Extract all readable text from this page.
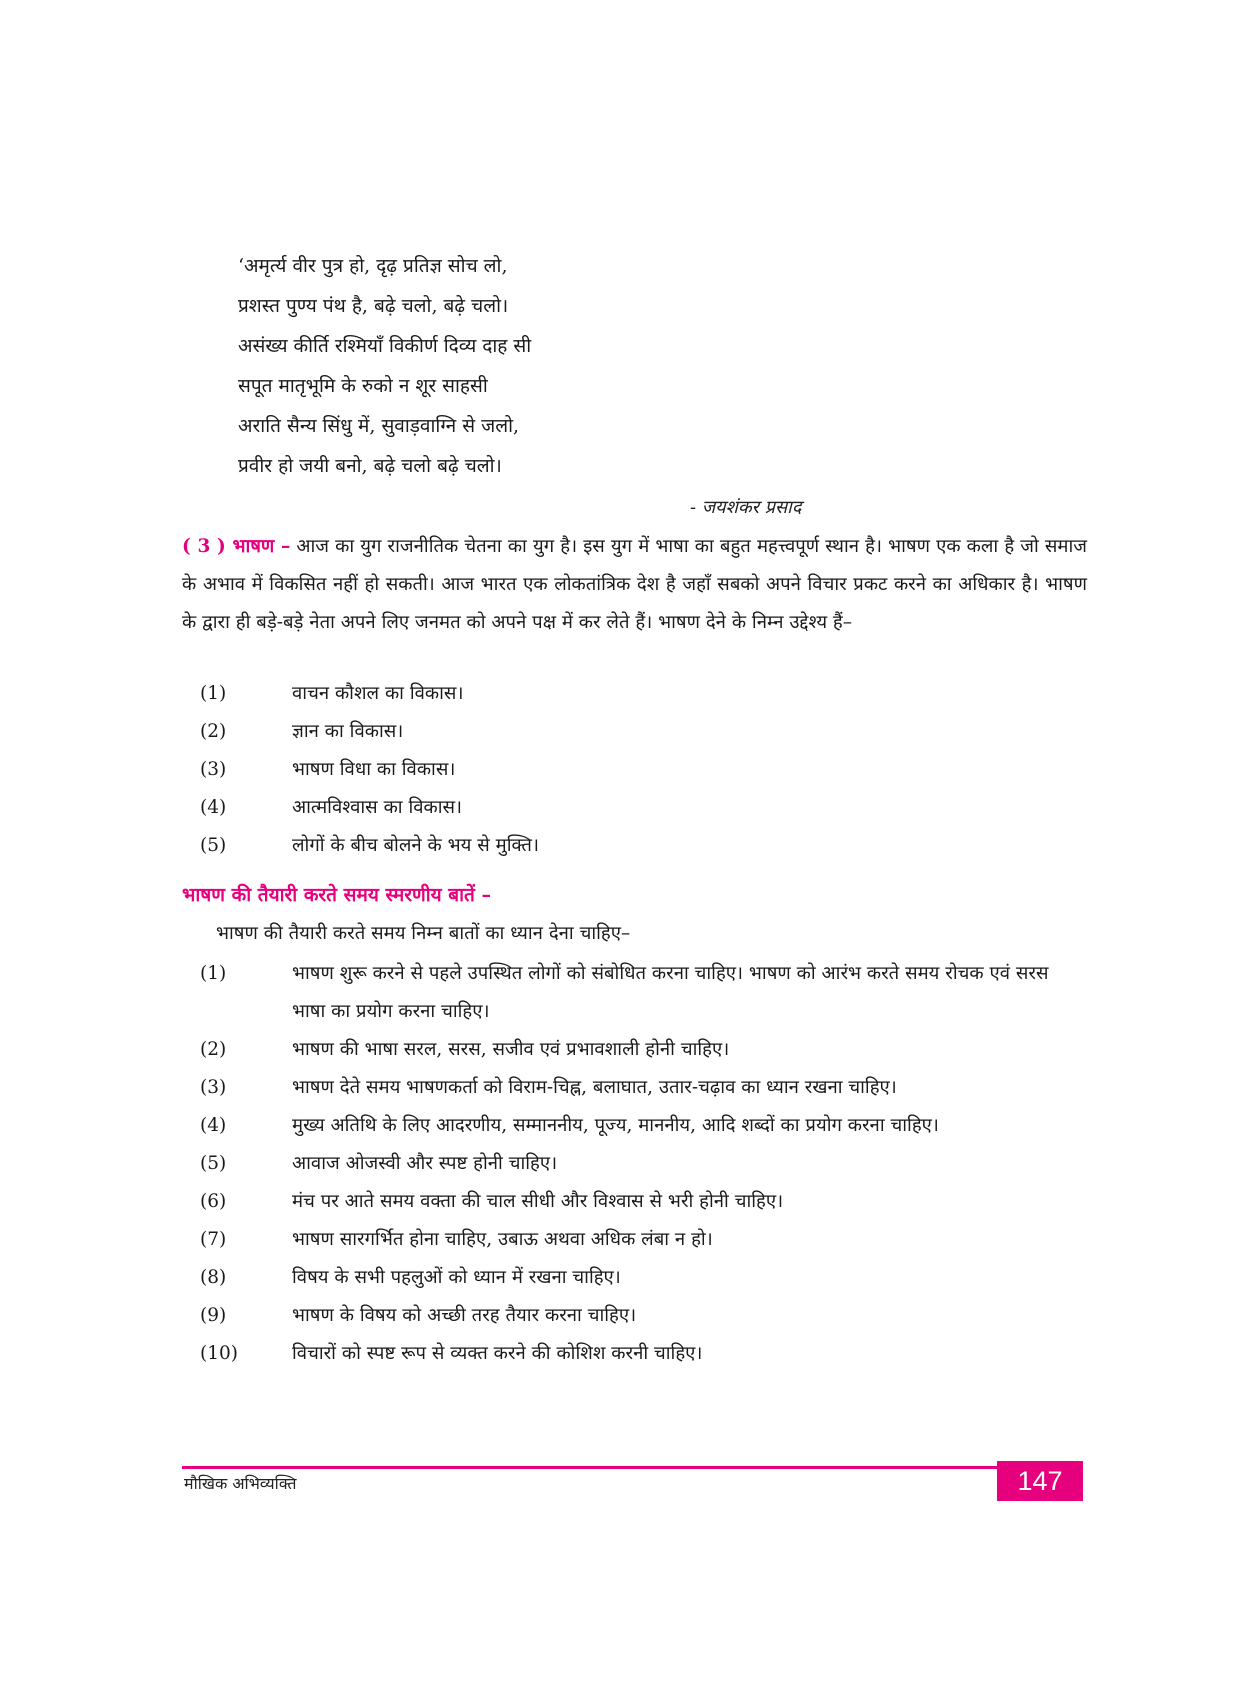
‘अमृर्त्य वीर पुत्र हो, दृढ़ प्रतिज्ञ सोच लो,
प्रशस्त पुण्य पंथ है, बढ़े चलो, बढ़े चलो।
असंख्य कीर्ति रश्मियाँ विकीर्ण दिव्य दाह सी
सपूत मातृभूमि के रुको न शूर साहसी
अराति सैन्य सिंधु में, सुवाड़वाग्नि से जलो,
प्रवीर हो जयी बनो, बढ़े चलो बढ़े चलो।
- जयशंकर प्रसाद
( 3 ) भाषण – आज का युग राजनीतिक चेतना का युग है। इस युग में भाषा का बहुत महत्त्वपूर्ण स्थान है। भाषण एक कला है जो समाज के अभाव में विकसित नहीं हो सकती। आज भारत एक लोकतांत्रिक देश है जहाँ सबको अपने विचार प्रकट करने का अधिकार है। भाषण के द्वारा ही बड़े-बड़े नेता अपने लिए जनमत को अपने पक्ष में कर लेते हैं। भाषण देने के निम्न उद्देश्य हैं–
(1)	वाचन कौशल का विकास।
(2)	ज्ञान का विकास।
(3)	भाषण विधा का विकास।
(4)	आत्मविश्वास का विकास।
(5)	लोगों के बीच बोलने के भय से मुक्ति।
भाषण की तैयारी करते समय स्मरणीय बातें –
भाषण की तैयारी करते समय निम्न बातों का ध्यान देना चाहिए–
(1)	भाषण शुरू करने से पहले उपस्थित लोगों को संबोधित करना चाहिए। भाषण को आरंभ करते समय रोचक एवं सरस भाषा का प्रयोग करना चाहिए।
(2)	भाषण की भाषा सरल, सरस, सजीव एवं प्रभावशाली होनी चाहिए।
(3)	भाषण देते समय भाषणकर्ता को विराम-चिह्न, बलाघात, उतार-चढ़ाव का ध्यान रखना चाहिए।
(4)	मुख्य अतिथि के लिए आदरणीय, सम्माननीय, पूज्य, माननीय, आदि शब्दों का प्रयोग करना चाहिए।
(5)	आवाज ओजस्वी और स्पष्ट होनी चाहिए।
(6)	मंच पर आते समय वक्ता की चाल सीधी और विश्वास से भरी होनी चाहिए।
(7)	भाषण सारगर्भित होना चाहिए, उबाऊ अथवा अधिक लंबा न हो।
(8)	विषय के सभी पहलुओं को ध्यान में रखना चाहिए।
(9)	भाषण के विषय को अच्छी तरह तैयार करना चाहिए।
(10)	विचारों को स्पष्ट रूप से व्यक्त करने की कोशिश करनी चाहिए।
मौखिक अभिव्यक्ति	147
